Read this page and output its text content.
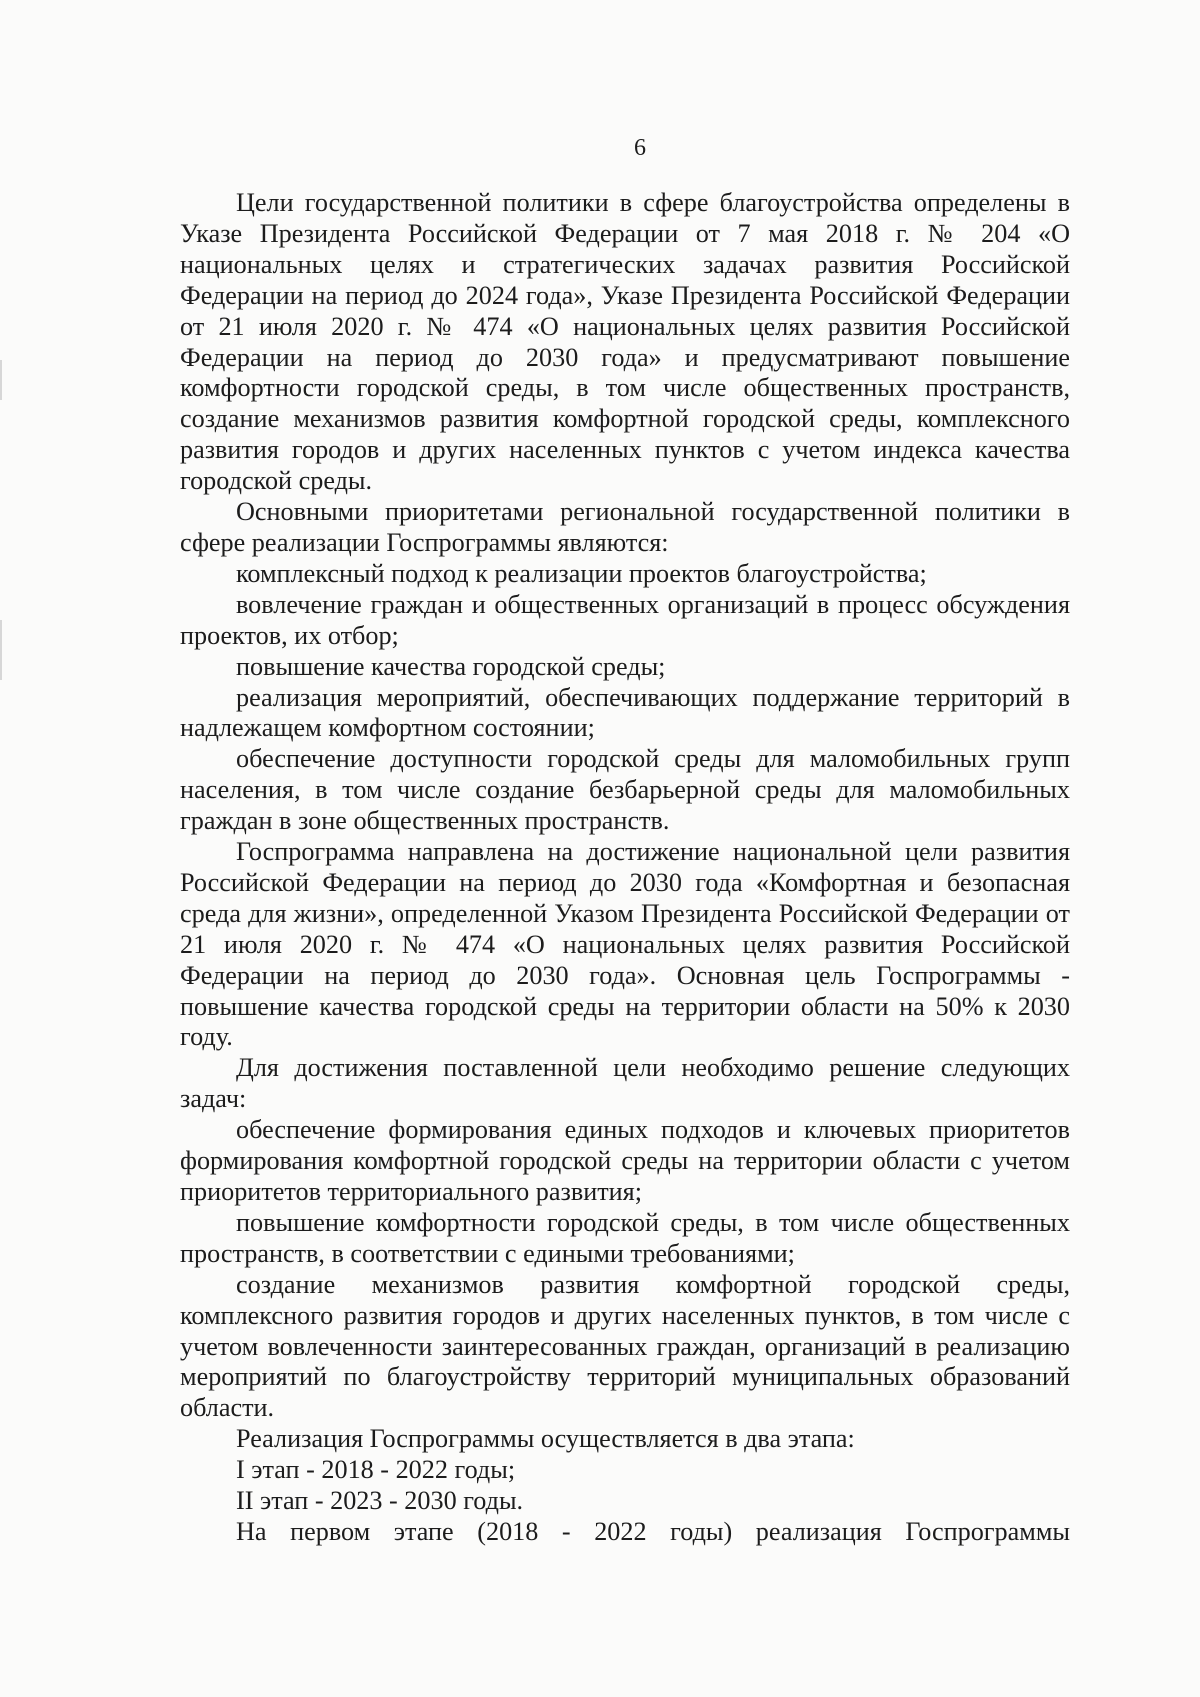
6

Цели государственной политики в сфере благоустройства определены в Указе Президента Российской Федерации от 7 мая 2018 г. № 204 «О национальных целях и стратегических задачах развития Российской Федерации на период до 2024 года», Указе Президента Российской Федерации от 21 июля 2020 г. № 474 «О национальных целях развития Российской Федерации на период до 2030 года» и предусматривают повышение комфортности городской среды, в том числе общественных пространств, создание механизмов развития комфортной городской среды, комплексного развития городов и других населенных пунктов с учетом индекса качества городской среды.

Основными приоритетами региональной государственной политики в сфере реализации Госпрограммы являются:

комплексный подход к реализации проектов благоустройства;

вовлечение граждан и общественных организаций в процесс обсуждения проектов, их отбор;

повышение качества городской среды;

реализация мероприятий, обеспечивающих поддержание территорий в надлежащем комфортном состоянии;

обеспечение доступности городской среды для маломобильных групп населения, в том числе создание безбарьерной среды для маломобильных граждан в зоне общественных пространств.

Госпрограмма направлена на достижение национальной цели развития Российской Федерации на период до 2030 года «Комфортная и безопасная среда для жизни», определенной Указом Президента Российской Федерации от 21 июля 2020 г. № 474 «О национальных целях развития Российской Федерации на период до 2030 года». Основная цель Госпрограммы - повышение качества городской среды на территории области на 50% к 2030 году.

Для достижения поставленной цели необходимо решение следующих задач:

обеспечение формирования единых подходов и ключевых приоритетов формирования комфортной городской среды на территории области с учетом приоритетов территориального развития;

повышение комфортности городской среды, в том числе общественных пространств, в соответствии с едиными требованиями;

создание механизмов развития комфортной городской среды, комплексного развития городов и других населенных пунктов, в том числе с учетом вовлеченности заинтересованных граждан, организаций в реализацию мероприятий по благоустройству территорий муниципальных образований области.

Реализация Госпрограммы осуществляется в два этапа:

I этап - 2018 - 2022 годы;

II этап - 2023 - 2030 годы.

На первом этапе (2018 - 2022 годы) реализация Госпрограммы
